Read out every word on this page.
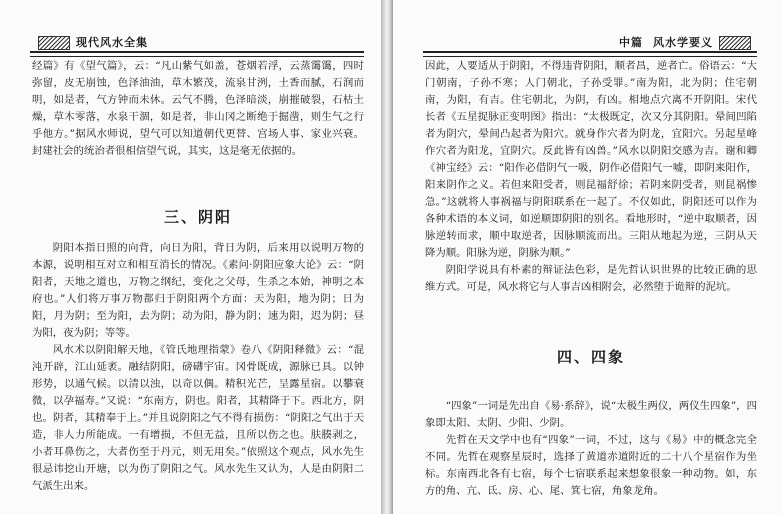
现代风水全集

经篇》有《望气篇》，云：“凡山紫气如盖，苍烟若浮，云蒸霭霭，四时弥留，皮无崩蚀，色泽油油，草木繁茂，流泉甘洌，土香而腻，石润而明，如是者，气方钟而未休。云气不腾，色泽暗淡，崩摧破裂，石枯土燥，草木零落，水泉干涸，如是者，非山冈之断绝于掘凿，则生气之行乎他方。”据风水师说，望气可以知道朝代更替、宫场人事、家业兴衰。封建社会的统治者很相信望气说，其实，这是毫无依据的。

三、阴阳

阴阳本指日照的向背，向日为阳，背日为阴，后来用以说明万物的本源，说明相互对立和相互消长的情况。《素问·阴阳应象大论》云：“阴阳者，天地之道也，万物之纲纪，变化之父母，生杀之本始，神明之本府也。”人们将万事万物都归于阴阳两个方面：天为阳，地为阴；日为阳，月为阴；至为阳，去为阴；动为阳，静为阴；速为阳，迟为阴；昼为阳，夜为阴；等等。

风水术以阴阳解天地，《管氏地理指蒙》卷八《阴阳释微》云：“混沌开辟，江山延袤。融结阴阳，磅礴宇宙。冈骨既成，源脉已具。以钟形势，以通气候。以清以浊，以奇以偶。精积光芒，呈露星宿。以攀衰微，以孕福寿。”又说：“东南方，阴也。阳者，其精降于下。西北方，阴也。阴者，其精奉于上。”并且说阴阳之气不得有损伤：“阴阳之气出于天造，非人力所能成。一有增损，不但无益，且所以伤之也。肤腠剥之，小者耳鼻伤之，大者伤至于丹元，则无用矣。”依照这个观点，风水先生很忌讳挖山开塘，以为伤了阴阳之气。风水先生又认为，人是由阴阳二气派生出来。

中篇 风水学要义

因此，人要适从于阴阳，不得违背阴阳，顺者昌，逆者亡。俗语云：“大门朝南，子孙不寒；人门朝北，子孙受罪。”南为阳，北为阴；住宅朝南，为阳，有吉。住宅朝北，为阴，有凶。相地点穴离不开阴阳。宋代长者《五星捉脉正变明图》指出：“太极既定，次又分其阴阳。晕间凹陷者为阴穴，晕间凸起者为阳穴。就身作穴者为阴龙，宜阳穴。另起星峰作穴者为阳龙，宜阴穴。反此皆有凶兽。”风水以阴阳交感为吉。谢和卿《神宝经》云：“阳作必借阴气一吸，阴作必借阳气一嘘，即阴来阳作，阳来阴作之义。若但来阳受者，则昆福舒徐；若阴来阴受者，则昆祸惨急。”这就将人事祸福与阴阳联系在一起了。不仅如此，阴阳还可以作为各种术语的本义词，如逆顺即阴阳的别名。看地形时，“逆中取顺者，因脉逆转而求，顺中取逆者，因脉顺流而出。三阳从地起为逆，三阴从天降为顺。阳脉为逆，阴脉为顺。”

阴阳学说具有朴素的辩证法色彩，是先哲认识世界的比较正确的思维方式。可是，风水将它与人事吉凶相附会，必然堕于诡辩的泥坑。

四、四象

“四象”一词是先出自《易·系辞》，说“太极生两仪，两仪生四象”，四象即太阳、太阴、少阳、少阴。

先哲在天文学中也有“四象”一词，不过，这与《易》中的概念完全不同。先哲在观察星辰时，选择了黄道赤道附近的二十八个星宿作为坐标。东南西北各有七宿，每个七宿联系起来想象很象一种动物。如，东方的角、亢、氐、房、心、尾、箕七宿，角象龙角。
